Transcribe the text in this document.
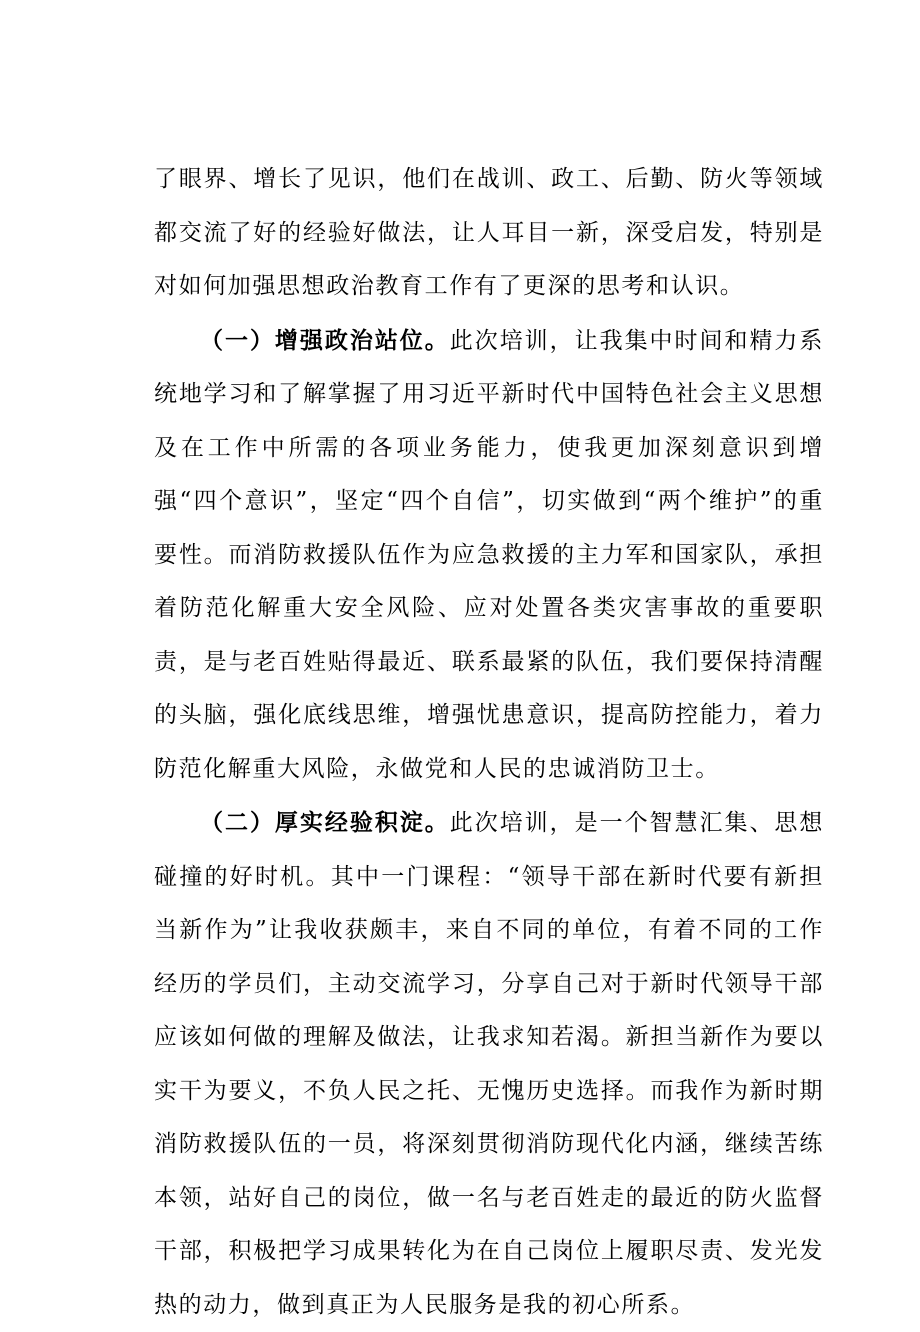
了眼界、增长了见识，他们在战训、政工、后勤、防火等领域都交流了好的经验好做法，让人耳目一新，深受启发，特别是对如何加强思想政治教育工作有了更深的思考和认识。

（一）增强政治站位。此次培训，让我集中时间和精力系统地学习和了解掌握了用习近平新时代中国特色社会主义思想及在工作中所需的各项业务能力，使我更加深刻意识到增强“四个意识”，坚定“四个自信”，切实做到“两个维护”的重要性。而消防救援队伍作为应急救援的主力军和国家队，承担着防范化解重大安全风险、应对处置各类灾害事故的重要职责，是与老百姓贴得最近、联系最紧的队伍，我们要保持清醒的头脑，强化底线思维，增强忧患意识，提高防控能力，着力防范化解重大风险，永做党和人民的忠诚消防卫士。

（二）厚实经验积淀。此次培训，是一个智慧汇集、思想碰撞的好时机。其中一门课程：“领导干部在新时代要有新担当新作为”让我收获颇丰，来自不同的单位，有着不同的工作经历的学员们，主动交流学习，分享自己对于新时代领导干部应该如何做的理解及做法，让我求知若渴。新担当新作为要以实干为要义，不负人民之托、无愧历史选择。而我作为新时期消防救援队伍的一员，将深刻贯彻消防现代化内涵，继续苦练本领，站好自己的岗位，做一名与老百姓走的最近的防火监督干部，积极把学习成果转化为在自己岗位上履职尽责、发光发热的动力，做到真正为人民服务是我的初心所系。
